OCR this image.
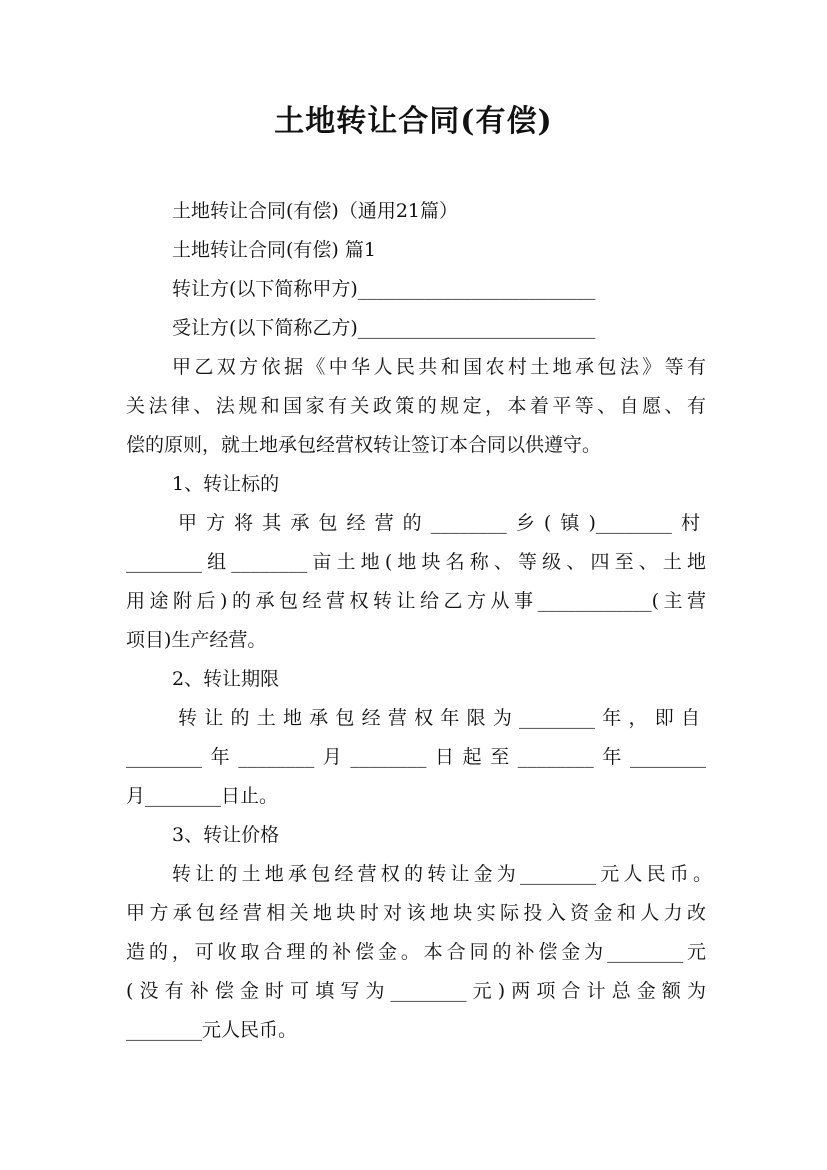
土地转让合同(有偿)
土地转让合同(有偿)（通用21篇）
土地转让合同(有偿) 篇1
转让方(以下简称甲方)_________________________
受让方(以下简称乙方)_________________________
甲乙双方依据《中华人民共和国农村土地承包法》等有
关法律、法规和国家有关政策的规定，本着平等、自愿、有
偿的原则，就土地承包经营权转让签订本合同以供遵守。
1、转让标的
甲方将其承包经营的________乡(镇)________村
________组________亩土地(地块名称、等级、四至、土地
用途附后)的承包经营权转让给乙方从事____________(主营
项目)生产经营。
2、转让期限
转让的土地承包经营权年限为________年，即自
________年________月________日起至________年________
月________日止。
3、转让价格
转让的土地承包经营权的转让金为________元人民币。
甲方承包经营相关地块时对该地块实际投入资金和人力改
造的，可收取合理的补偿金。本合同的补偿金为________元
(没有补偿金时可填写为________元)两项合计总金额为
________元人民币。
